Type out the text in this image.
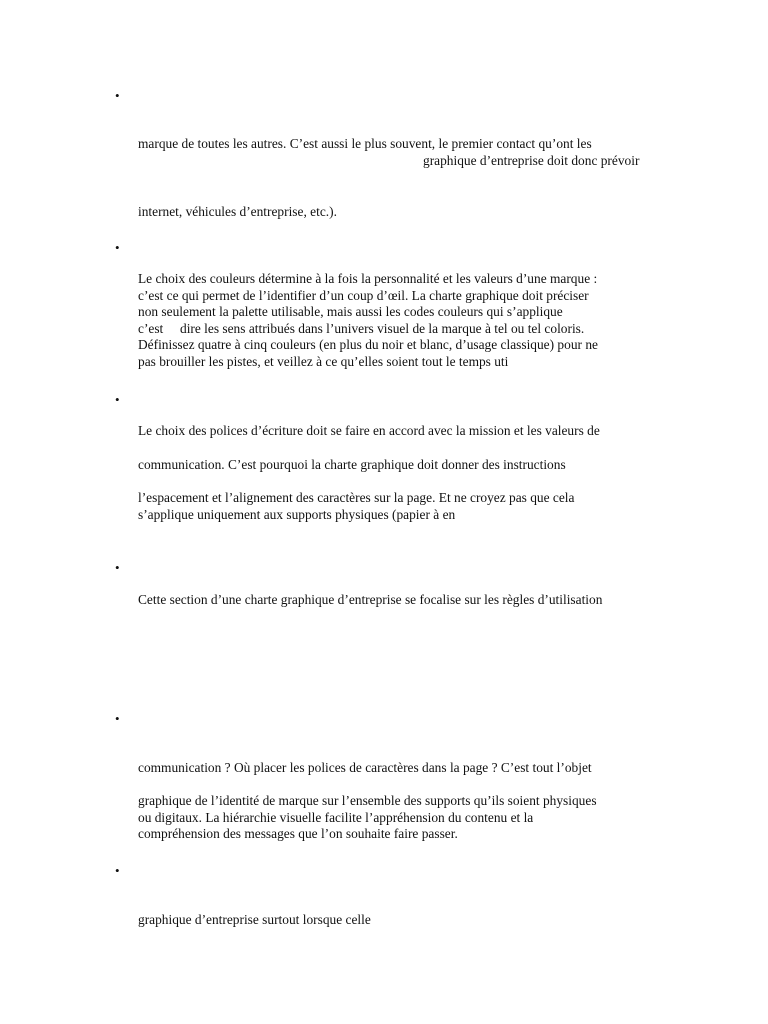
•
marque de toutes les autres. C’est aussi le plus souvent, le premier contact qu’ont les
graphique d’entreprise doit donc prévoir
internet, véhicules d’entreprise, etc.).
•
Le choix des couleurs détermine à la fois la personnalité et les valeurs d’une marque :
c’est ce qui permet de l’identifier d’un coup d’œil. La charte graphique doit préciser
non seulement la palette utilisable, mais aussi les codes couleurs qui s’applique
c’est     dire les sens attribués dans l’univers visuel de la marque à tel ou tel coloris.
Définissez quatre à cinq couleurs (en plus du noir et blanc, d’usage classique) pour ne
pas brouiller les pistes, et veillez à ce qu’elles soient tout le temps uti
•
Le choix des polices d’écriture doit se faire en accord avec la mission et les valeurs de
communication. C’est pourquoi la charte graphique doit donner des instructions
l’espacement et l’alignement des caractères sur la page. Et ne croyez pas que cela
s’applique uniquement aux supports physiques (papier à en
•
Cette section d’une charte graphique d’entreprise se focalise sur les règles d’utilisation
•
communication ? Où placer les polices de caractères dans la page ? C’est tout l’objet
graphique de l’identité de marque sur l’ensemble des supports qu’ils soient physiques
ou digitaux. La hiérarchie visuelle facilite l’appréhension du contenu et la
compréhension des messages que l’on souhaite faire passer.
•
graphique d’entreprise surtout lorsque celle
